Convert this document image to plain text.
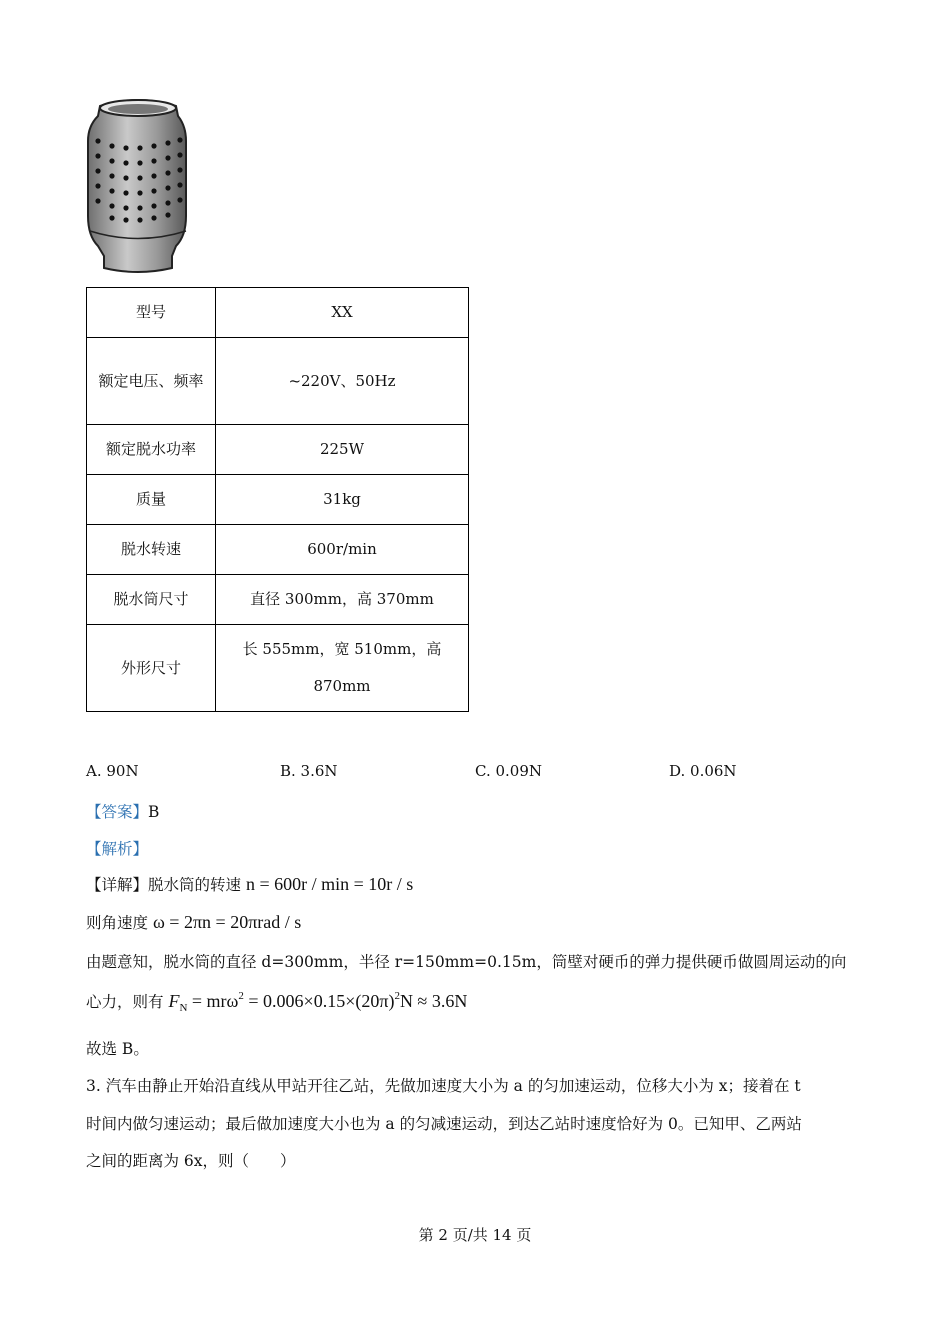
型号	XX
额定电压、频率	~220V、50Hz
额定脱水功率	225W
质量	31kg
脱水转速	600r/min
脱水筒尺寸	直径 300mm，高 370mm
外形尺寸	长 555mm，宽 510mm，高 870mm
A. 90N	B. 3.6N	C. 0.09N	D. 0.06N
【答案】B
【解析】
【详解】脱水筒的转速 n = 600r / min = 10r / s
则角速度 ω = 2πn = 20πrad / s
由题意知，脱水筒的直径 d=300mm，半径 r=150mm=0.15m，筒壁对硬币的弹力提供硬币做圆周运动的向
心力，则有 $F_N = mr\omega^2 = 0.006\times 0.15\times(20\pi)^2N \approx 3.6N$
故选 B。
3. 汽车由静止开始沿直线从甲站开往乙站，先做加速度大小为 a 的匀加速运动，位移大小为 x；接着在 t
时间内做匀速运动；最后做加速度大小也为 a 的匀减速运动，到达乙站时速度恰好为 0。已知甲、乙两站
之间的距离为 6x，则（　　）
第 2 页/共 14 页
